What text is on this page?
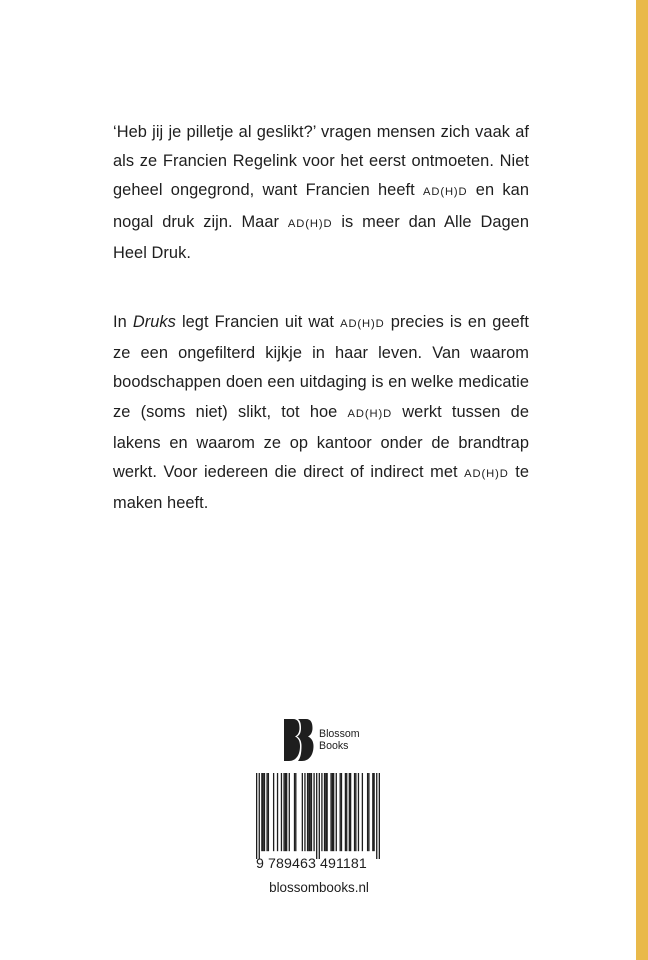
‘Heb jij je pilletje al geslikt?’ vragen mensen zich vaak af als ze Francien Regelink voor het eerst ontmoeten. Niet geheel ongegrond, want Francien heeft AD(H)D en kan nogal druk zijn. Maar AD(H)D is meer dan Alle Dagen Heel Druk.

In Druks legt Francien uit wat AD(H)D precies is en geeft ze een ongefilterd kijkje in haar leven. Van waarom boodschappen doen een uitdaging is en welke medicatie ze (soms niet) slikt, tot hoe AD(H)D werkt tussen de lakens en waarom ze op kantoor onder de brandtrap werkt. Voor iedereen die direct of indirect met AD(H)D te maken heeft.

Blossom
Books
9 789463 491181
blossombooks.nl
